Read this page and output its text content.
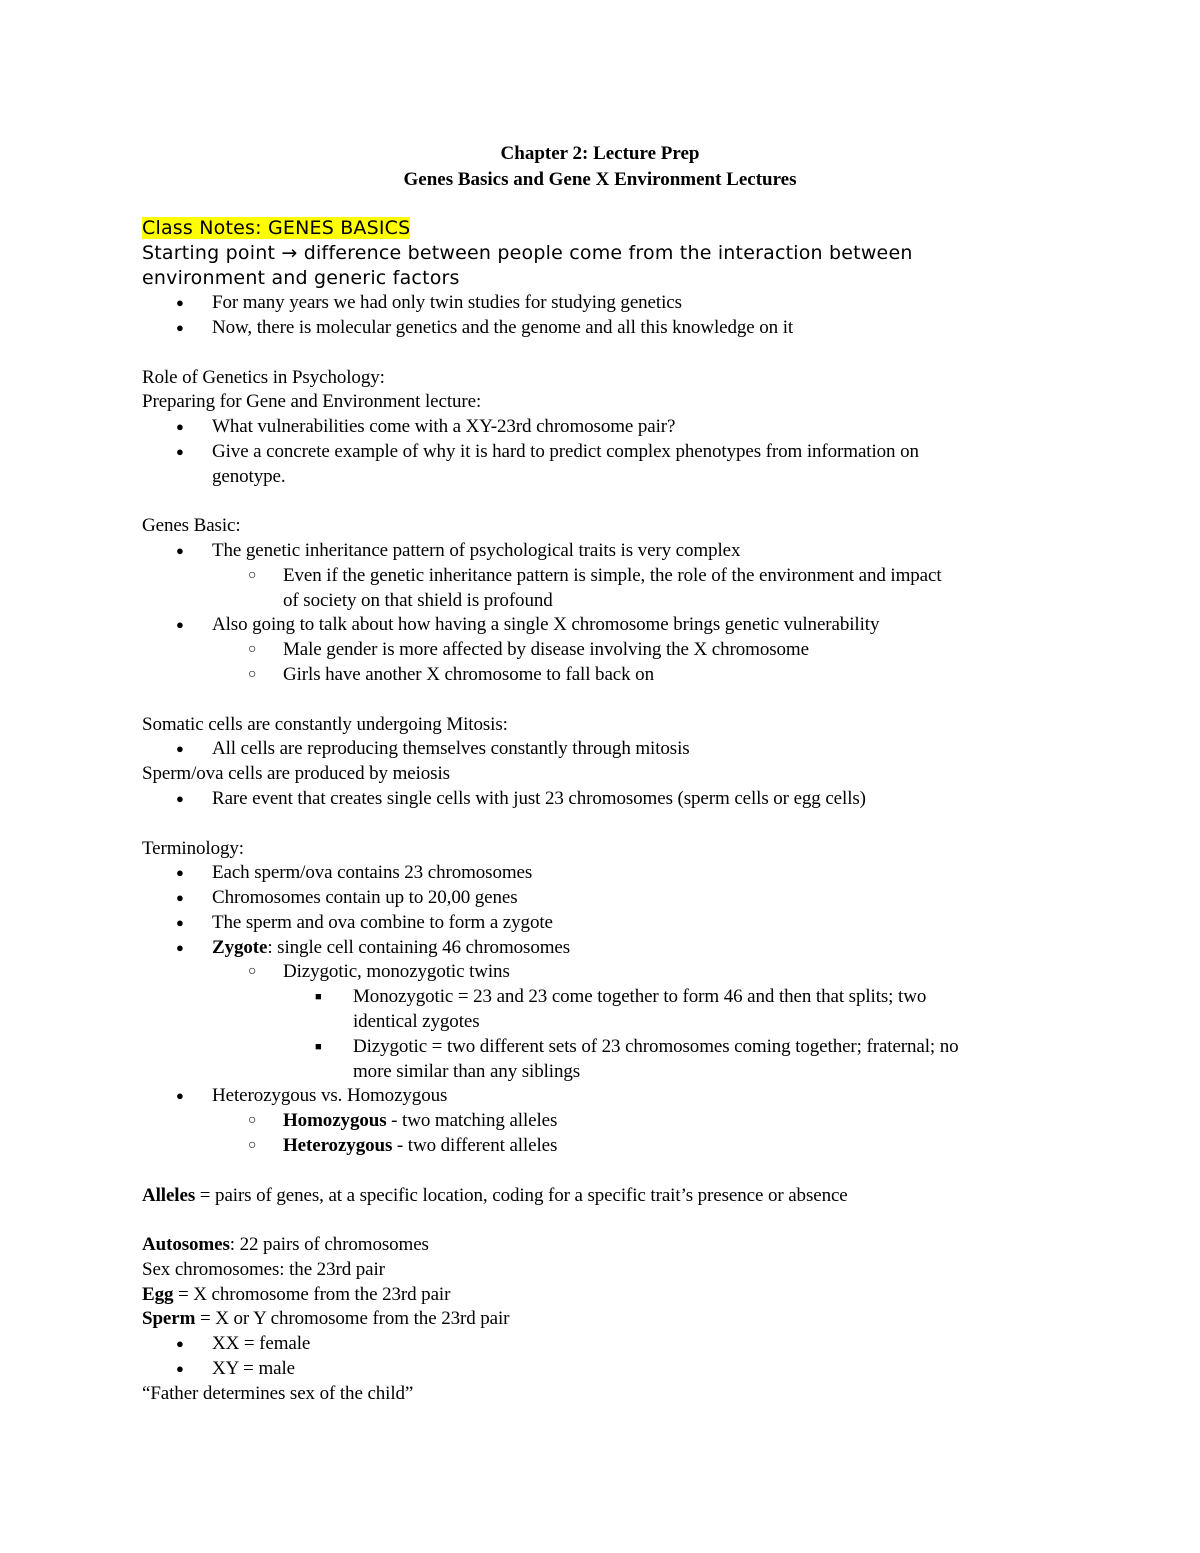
Chapter 2: Lecture Prep
Genes Basics and Gene X Environment Lectures
Class Notes: GENES BASICS
Starting point → difference between people come from the interaction between
environment and generic factors
● For many years we had only twin studies for studying genetics
● Now, there is molecular genetics and the genome and all this knowledge on it
Role of Genetics in Psychology:
Preparing for Gene and Environment lecture:
● What vulnerabilities come with a XY-23rd chromosome pair?
● Give a concrete example of why it is hard to predict complex phenotypes from information on
genotype.
Genes Basic:
● The genetic inheritance pattern of psychological traits is very complex
○ Even if the genetic inheritance pattern is simple, the role of the environment and impact
of society on that shield is profound
● Also going to talk about how having a single X chromosome brings genetic vulnerability
○ Male gender is more affected by disease involving the X chromosome
○ Girls have another X chromosome to fall back on
Somatic cells are constantly undergoing Mitosis:
● All cells are reproducing themselves constantly through mitosis
Sperm/ova cells are produced by meiosis
● Rare event that creates single cells with just 23 chromosomes (sperm cells or egg cells)
Terminology:
● Each sperm/ova contains 23 chromosomes
● Chromosomes contain up to 20,00 genes
● The sperm and ova combine to form a zygote
● Zygote: single cell containing 46 chromosomes
○ Dizygotic, monozygotic twins
■ Monozygotic = 23 and 23 come together to form 46 and then that splits; two
identical zygotes
■ Dizygotic = two different sets of 23 chromosomes coming together; fraternal; no
more similar than any siblings
● Heterozygous vs. Homozygous
○ Homozygous - two matching alleles
○ Heterozygous - two different alleles
Alleles = pairs of genes, at a specific location, coding for a specific trait’s presence or absence
Autosomes: 22 pairs of chromosomes
Sex chromosomes: the 23rd pair
Egg = X chromosome from the 23rd pair
Sperm = X or Y chromosome from the 23rd pair
● XX = female
● XY = male
“Father determines sex of the child”
